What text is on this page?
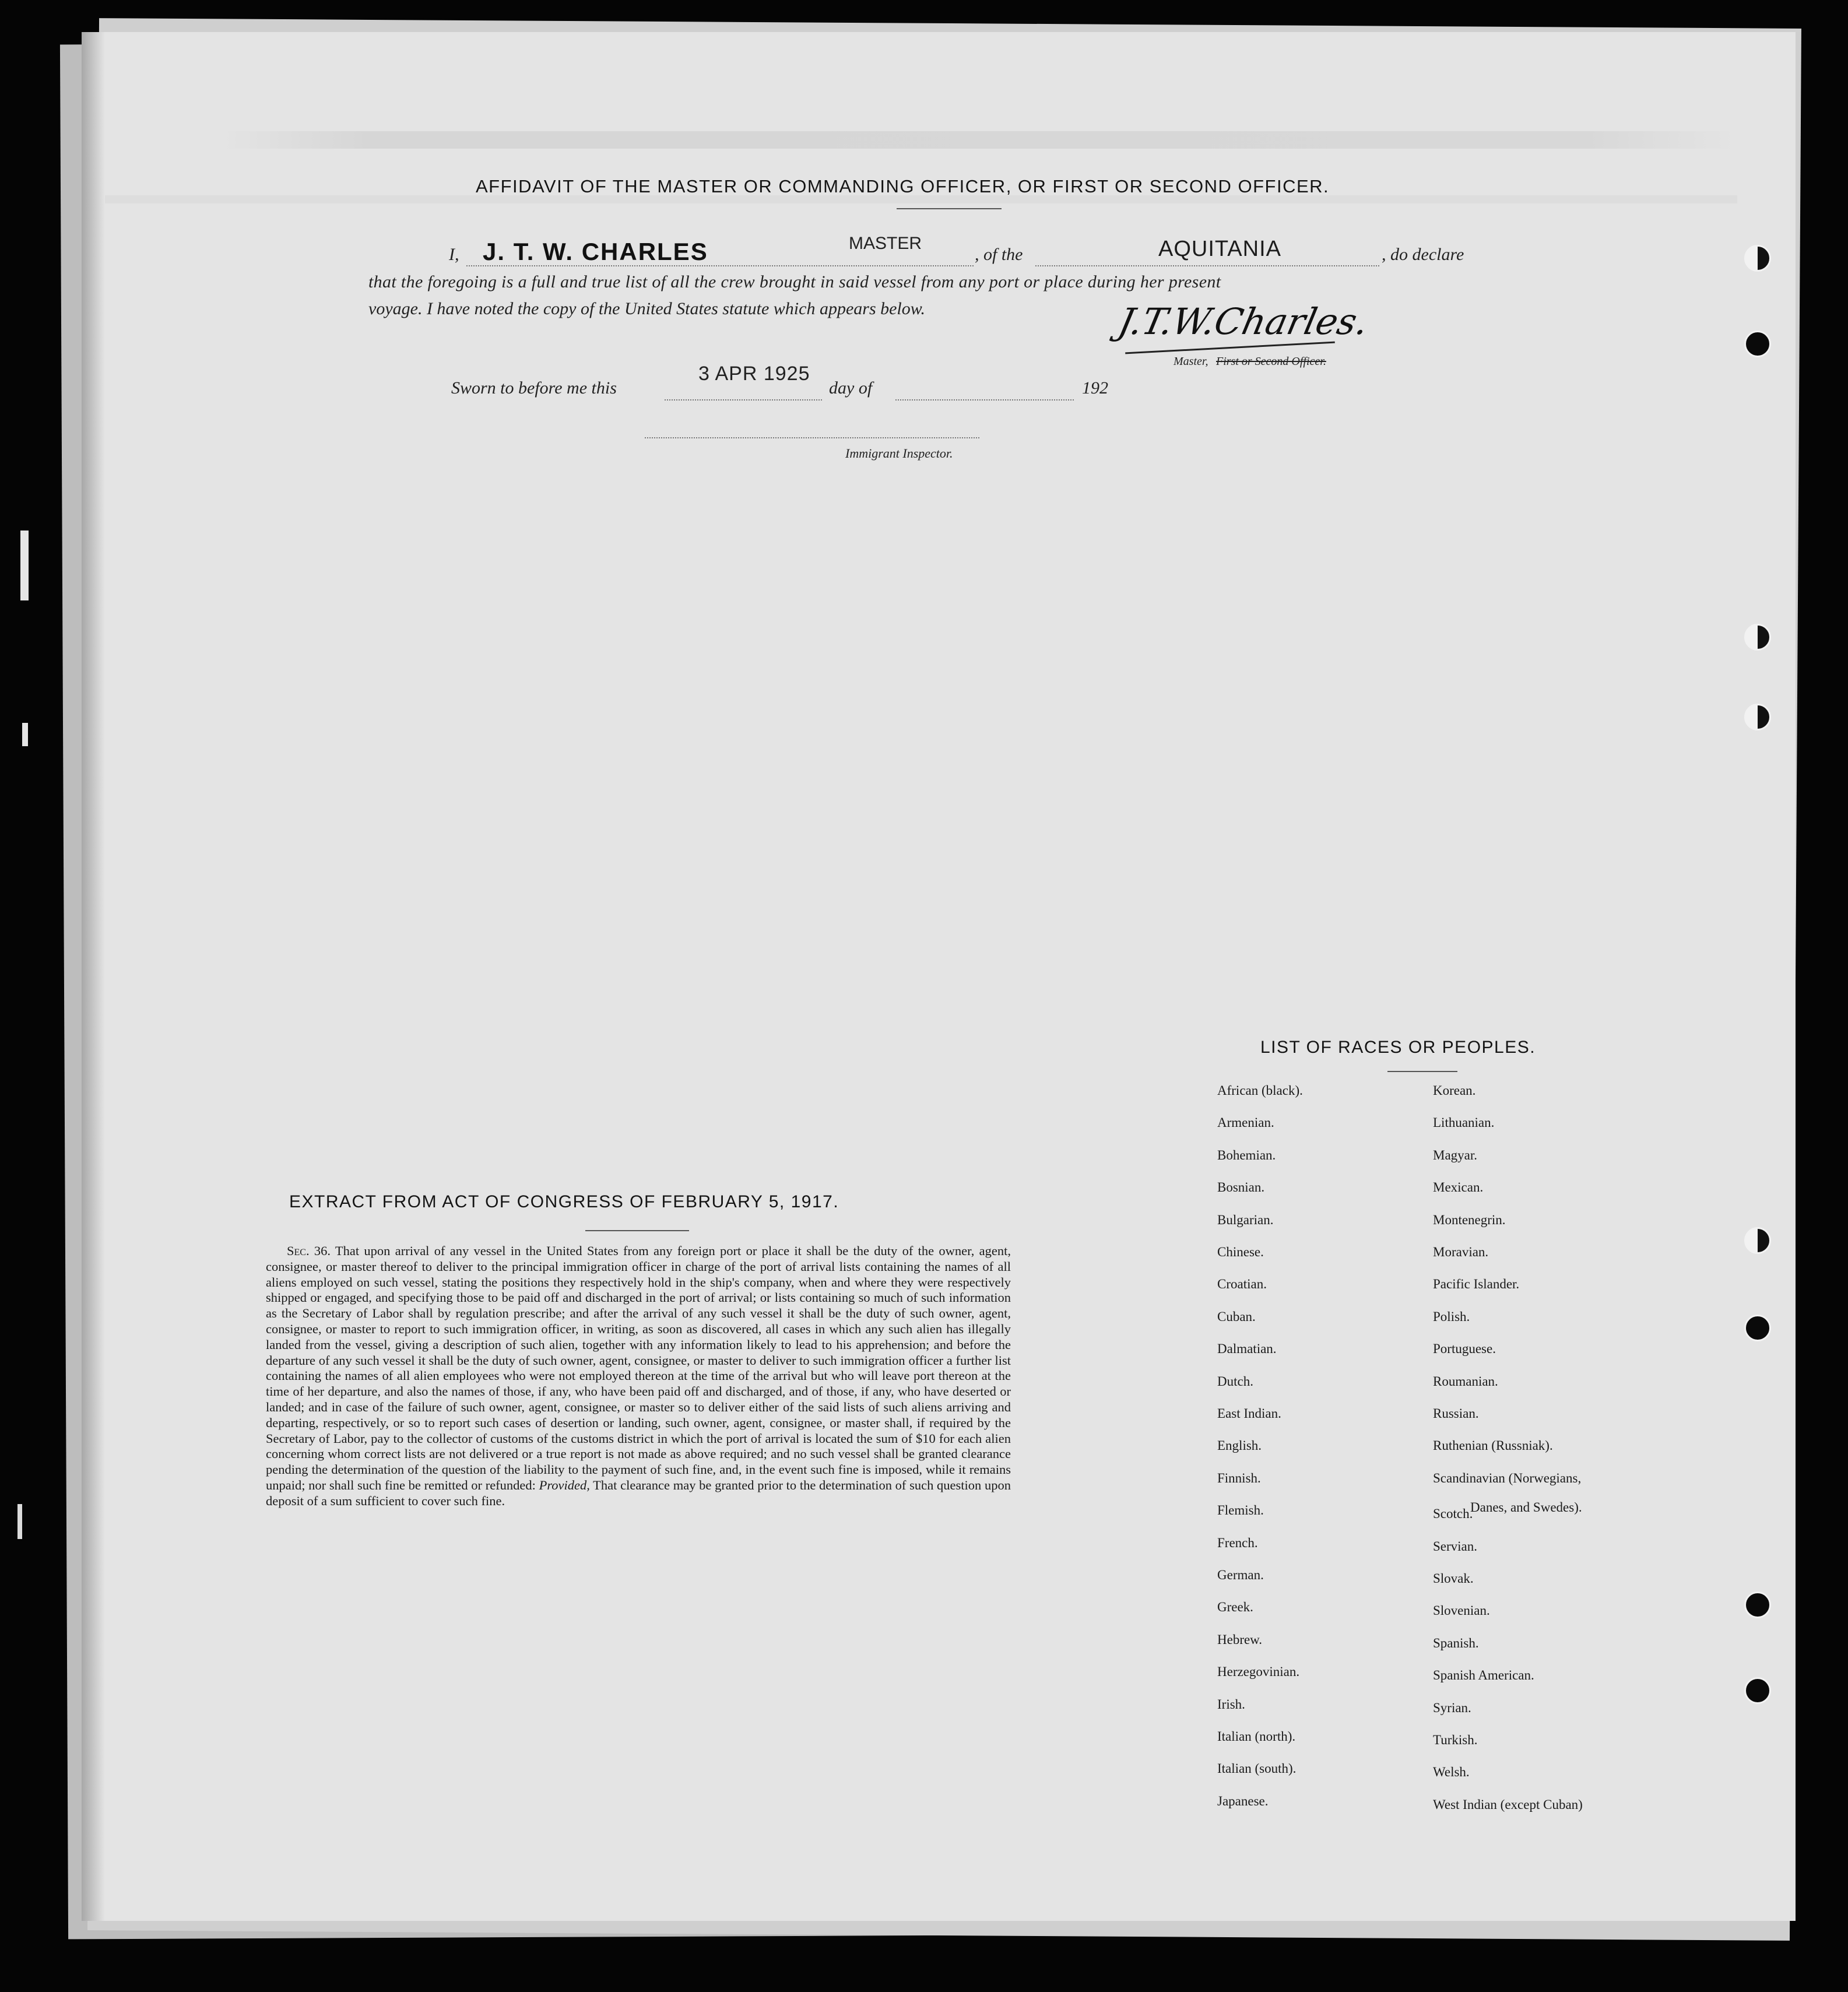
AFFIDAVIT OF THE MASTER OR COMMANDING OFFICER, OR FIRST OR SECOND OFFICER.
I, J. T. W. CHARLES	MASTER
, of the	AQUITANIA	, do declare
that the foregoing is a full and true list of all the crew brought in said vessel from any port or place during her present
voyage. I have noted the copy of the United States statute which appears below.	J.T.W.Charles.
Master, First or Second Officer.
Sworn to before me this
3 APR 1925
day of	192
Immigrant Inspector.
EXTRACT FROM ACT OF CONGRESS OF FEBRUARY 5, 1917.
Sec. 36. That upon arrival of any vessel in the United States from any foreign port or place it shall be the duty of the owner, agent, consignee, or master thereof to deliver to the principal immigration officer in charge of the port of arrival lists containing the names of all aliens employed on such vessel, stating the positions they respectively hold in the ship's company, when and where they were respectively shipped or engaged, and specifying those to be paid off and discharged in the port of arrival; or lists containing so much of such information as the Secretary of Labor shall by regulation prescribe; and after the arrival of any such vessel it shall be the duty of such owner, agent, consignee, or master to report to such immigration officer, in writing, as soon as discovered, all cases in which any such alien has illegally landed from the vessel, giving a description of such alien, together with any information likely to lead to his apprehension; and before the departure of any such vessel it shall be the duty of such owner, agent, consignee, or master to deliver to such immigration officer a further list containing the names of all alien employees who were not employed thereon at the time of the arrival but who will leave port thereon at the time of her departure, and also the names of those, if any, who have been paid off and discharged, and of those, if any, who have deserted or landed; and in case of the failure of such owner, agent, consignee, or master so to deliver either of the said lists of such aliens arriving and departing, respectively, or so to report such cases of desertion or landing, such owner, agent, consignee, or master shall, if required by the Secretary of Labor, pay to the collector of customs of the customs district in which the port of arrival is located the sum of $10 for each alien concerning whom correct lists are not delivered or a true report is not made as above required; and no such vessel shall be granted clearance pending the determination of the question of the liability to the payment of such fine, and, in the event such fine is imposed, while it remains unpaid; nor shall such fine be remitted or refunded: Provided, That clearance may be granted prior to the determination of such question upon deposit of a sum sufficient to cover such fine.
LIST OF RACES OR PEOPLES.
African (black).
Armenian.
Bohemian.
Bosnian.
Bulgarian.
Chinese.
Croatian.
Cuban.
Dalmatian.
Dutch.
East Indian.
English.
Finnish.
Flemish.
French.
German.
Greek.
Hebrew.
Herzegovinian.
Irish.
Italian (north).
Italian (south).
Japanese.
Korean.
Lithuanian.
Magyar.
Mexican.
Montenegrin.
Moravian.
Pacific Islander.
Polish.
Portuguese.
Roumanian.
Russian.
Ruthenian (Russniak).
Scandinavian (Norwegians,
Scotch.
Servian.
Slovak.
Slovenian.
Spanish.
Spanish American.
Syrian.
Turkish.
Welsh.
West Indian (except Cuban)
Danes, and Swedes).
